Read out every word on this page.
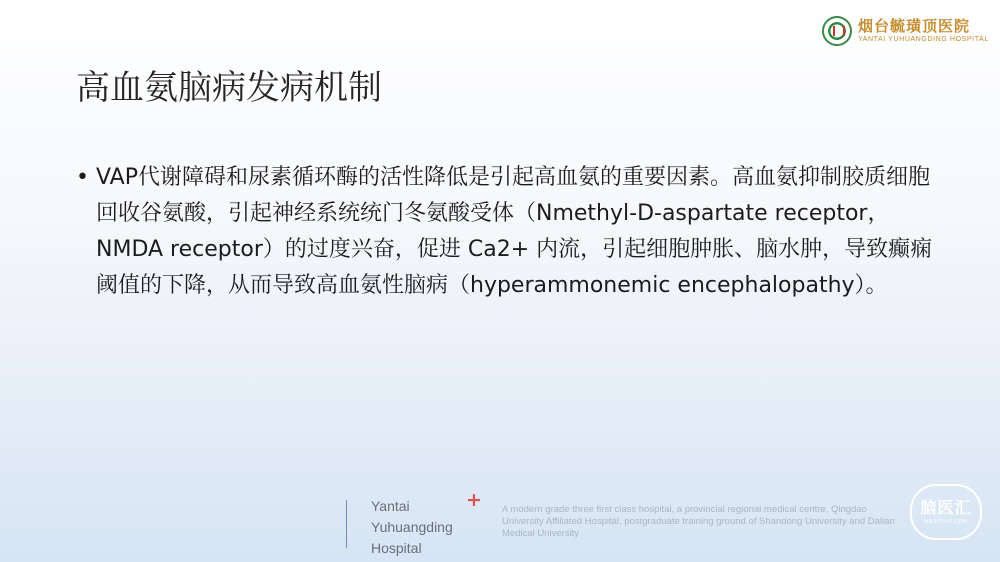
烟台毓璜顶医院
YANTAI YUHUANGDING HOSPITAL
高血氨脑病发病机制
• VAP代谢障碍和尿素循环酶的活性降低是引起高血氨的重要因素。高血氨抑制胶质细胞回收谷氨酸，引起神经系统统门冬氨酸受体（Nmethyl-D-aspartate receptor，NMDA receptor）的过度兴奋，促进 Ca2+ 内流，引起细胞肿胀、脑水肿，导致癫痫阈值的下降，从而导致高血氨性脑病（hyperammonemic encephalopathy）。

Yantai
Yuhuangding
Hospital
+ A modern grade three first class hospital, a provincial regional medical centre, Qingdao University Affiliated Hospital, postgraduate training ground of Shandong University and Dalian Medical University
脑医汇
NAOYIHUI.COM
